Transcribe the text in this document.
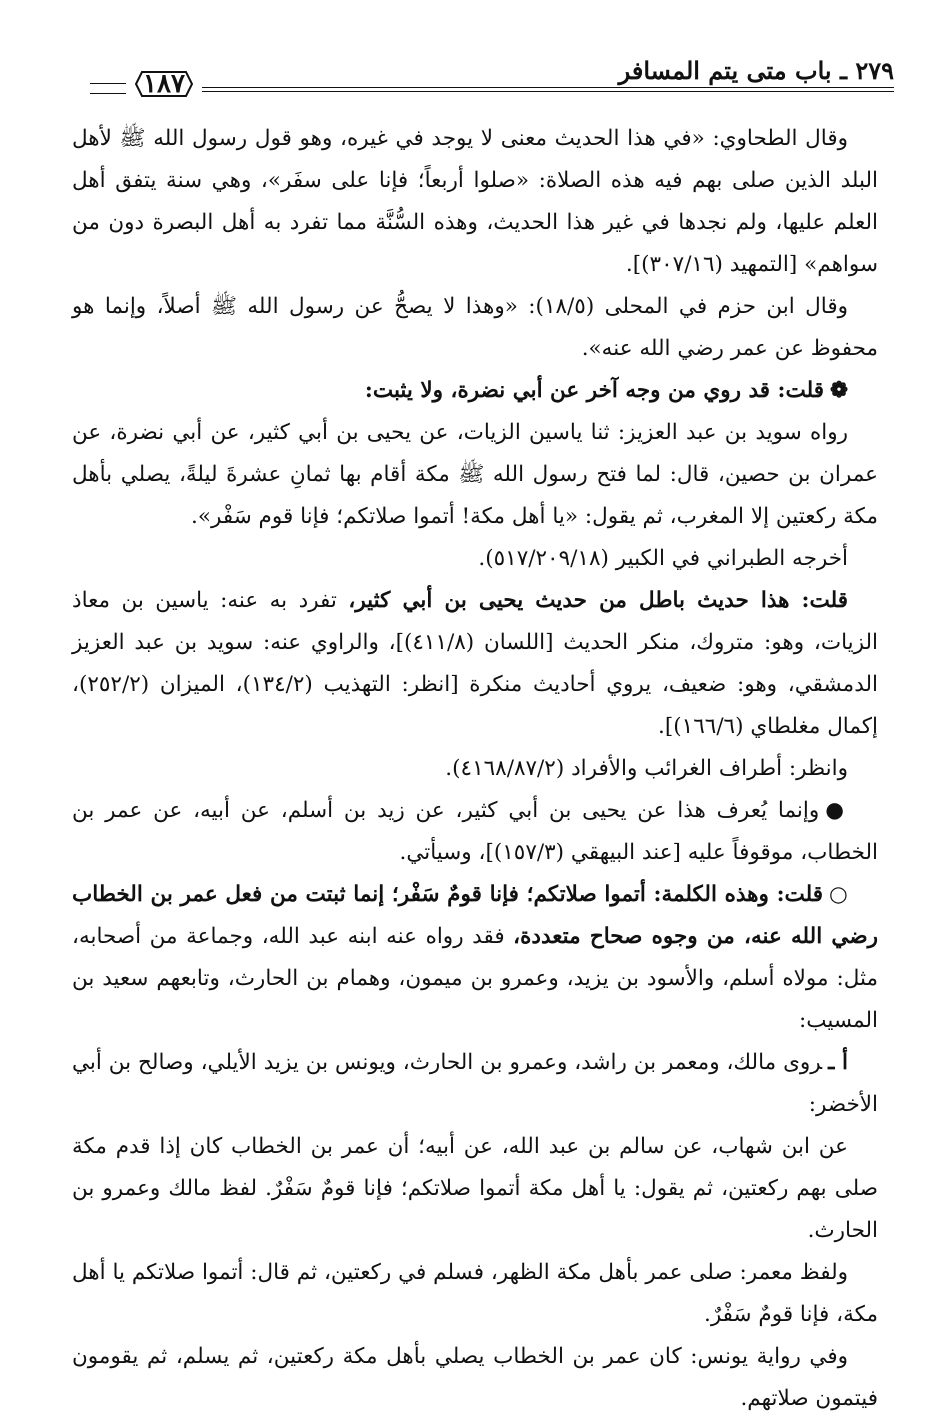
٢٧٩ ـ باب متى يتم المسافر
١٨٧

وقال الطحاوي: «في هذا الحديث معنى لا يوجد في غيره، وهو قول رسول الله ﷺ لأهل البلد الذين صلى بهم فيه هذه الصلاة: «صلوا أربعاً؛ فإنا على سفَر»، وهي سنة يتفق أهل العلم عليها، ولم نجدها في غير هذا الحديث، وهذه السُّنَّة مما تفرد به أهل البصرة دون من سواهم» [التمهيد (٣٠٧/١٦)].

وقال ابن حزم في المحلى (١٨/٥): «وهذا لا يصحُّ عن رسول الله ﷺ أصلاً، وإنما هو محفوظ عن عمر رضي الله عنه».

❁قلت: قد روي من وجه آخر عن أبي نضرة، ولا يثبت:

رواه سويد بن عبد العزيز: ثنا ياسين الزيات، عن يحيى بن أبي كثير، عن أبي نضرة، عن عمران بن حصين، قال: لما فتح رسول الله ﷺ مكة أقام بها ثمانِ عشرةَ ليلةً، يصلي بأهل مكة ركعتين إلا المغرب، ثم يقول: «يا أهل مكة! أتموا صلاتكم؛ فإنا قوم سَفْر».

أخرجه الطبراني في الكبير (٥١٧/٢٠٩/١٨).

قلت: هذا حديث باطل من حديث يحيى بن أبي كثير، تفرد به عنه: ياسين بن معاذ الزيات، وهو: متروك، منكر الحديث [اللسان (٤١١/٨)]، والراوي عنه: سويد بن عبد العزيز الدمشقي، وهو: ضعيف، يروي أحاديث منكرة [انظر: التهذيب (١٣٤/٢)، الميزان (٢٥٢/٢)، إكمال مغلطاي (١٦٦/٦)].

وانظر: أطراف الغرائب والأفراد (٤١٦٨/٨٧/٢).

●وإنما يُعرف هذا عن يحيى بن أبي كثير، عن زيد بن أسلم، عن أبيه، عن عمر بن الخطاب، موقوفاً عليه [عند البيهقي (١٥٧/٣)]، وسيأتي.

○قلت: وهذه الكلمة: أتموا صلاتكم؛ فإنا قومٌ سَفْر؛ إنما ثبتت من فعل عمر بن الخطاب رضي الله عنه، من وجوه صحاح متعددة، فقد رواه عنه ابنه عبد الله، وجماعة من أصحابه، مثل: مولاه أسلم، والأسود بن يزيد، وعمرو بن ميمون، وهمام بن الحارث، وتابعهم سعيد بن المسيب:

أ ـروى مالك، ومعمر بن راشد، وعمرو بن الحارث، ويونس بن يزيد الأيلي، وصالح بن أبي الأخضر:

عن ابن شهاب، عن سالم بن عبد الله، عن أبيه؛ أن عمر بن الخطاب كان إذا قدم مكة صلى بهم ركعتين، ثم يقول: يا أهل مكة أتموا صلاتكم؛ فإنا قومٌ سَفْرٌ. لفظ مالك وعمرو بن الحارث.

ولفظ معمر: صلى عمر بأهل مكة الظهر، فسلم في ركعتين، ثم قال: أتموا صلاتكم يا أهل مكة، فإنا قومٌ سَفْرٌ.

وفي رواية يونس: كان عمر بن الخطاب يصلي بأهل مكة ركعتين، ثم يسلم، ثم يقومون فيتمون صلاتهم.
